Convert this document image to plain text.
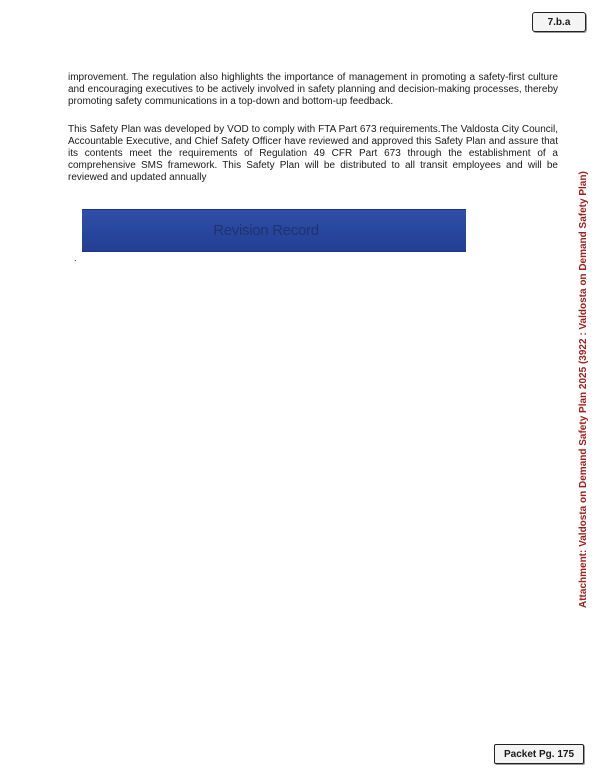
7.b.a

improvement. The regulation also highlights the importance of management in promoting a safety-first culture and encouraging executives to be actively involved in safety planning and decision-making processes, thereby promoting safety communications in a top-down and bottom-up feedback.

This Safety Plan was developed by VOD to comply with FTA Part 673 requirements.The Valdosta City Council, Accountable Executive, and Chief Safety Officer have reviewed and approved this Safety Plan and assure that its contents meet the requirements of Regulation 49 CFR Part 673 through the establishment of a comprehensive SMS framework. This Safety Plan will be distributed to all transit employees and will be reviewed and updated annually

Revision Record
.	Attachment: Valdosta on Demand Safety Plan 2025 (3922 : Valdosta on Demand Safety Plan)
Packet Pg. 175
